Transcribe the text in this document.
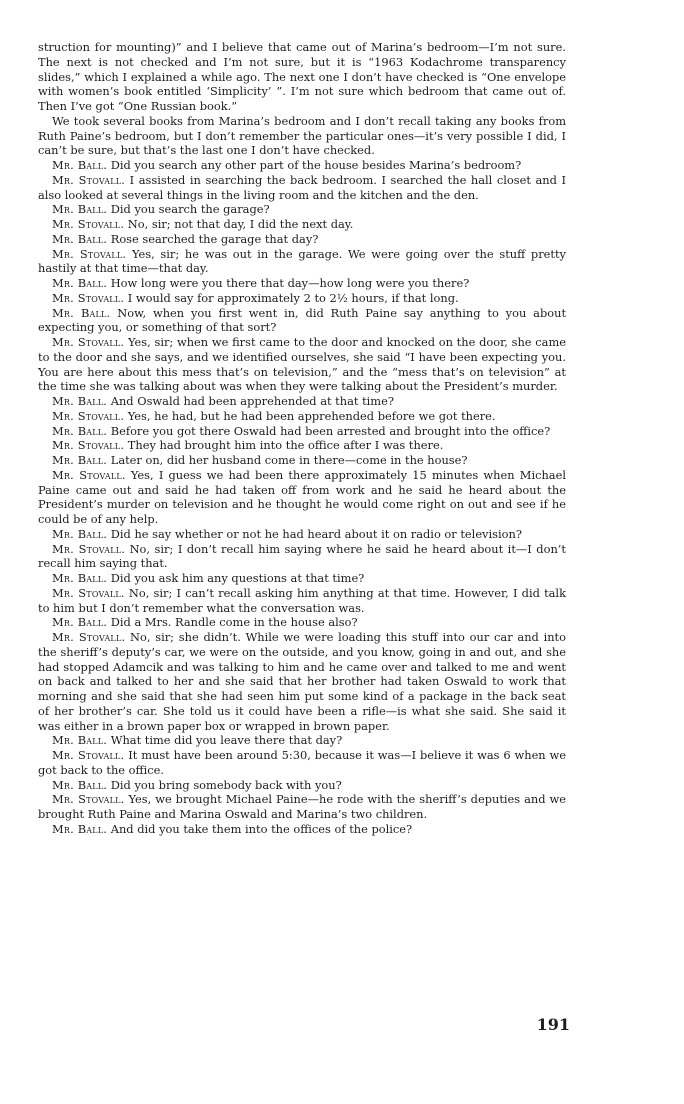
struction for mounting)” and I believe that came out of Marina’s bedroom—I’m not sure. The next is not checked and I’m not sure, but it is “1963 Kodachrome transparency slides,” which I explained a while ago. The next one I don’t have checked is “One envelope with women’s book entitled ‘Simplicity’ ”. I’m not sure which bedroom that came out of. Then I’ve got “One Russian book.”

We took several books from Marina’s bedroom and I don’t recall taking any books from Ruth Paine’s bedroom, but I don’t remember the particular ones—it’s very possible I did, I can’t be sure, but that’s the last one I don’t have checked.

Mr. Ball. Did you search any other part of the house besides Marina’s bedroom?

Mr. Stovall. I assisted in searching the back bedroom. I searched the hall closet and I also looked at several things in the living room and the kitchen and the den.

Mr. Ball. Did you search the garage?

Mr. Stovall. No, sir; not that day, I did the next day.

Mr. Ball. Rose searched the garage that day?

Mr. Stovall. Yes, sir; he was out in the garage. We were going over the stuff pretty hastily at that time—that day.

Mr. Ball. How long were you there that day—how long were you there?

Mr. Stovall. I would say for approximately 2 to 2½ hours, if that long.

Mr. Ball. Now, when you first went in, did Ruth Paine say anything to you about expecting you, or something of that sort?

Mr. Stovall. Yes, sir; when we first came to the door and knocked on the door, she came to the door and she says, and we identified ourselves, she said “I have been expecting you. You are here about this mess that’s on television,” and the “mess that’s on television” at the time she was talking about was when they were talking about the President’s murder.

Mr. Ball. And Oswald had been apprehended at that time?

Mr. Stovall. Yes, he had, but he had been apprehended before we got there.

Mr. Ball. Before you got there Oswald had been arrested and brought into the office?

Mr. Stovall. They had brought him into the office after I was there.

Mr. Ball. Later on, did her husband come in there—come in the house?

Mr. Stovall. Yes, I guess we had been there approximately 15 minutes when Michael Paine came out and said he had taken off from work and he said he heard about the President’s murder on television and he thought he would come right on out and see if he could be of any help.

Mr. Ball. Did he say whether or not he had heard about it on radio or television?

Mr. Stovall. No, sir; I don’t recall him saying where he said he heard about it—I don’t recall him saying that.

Mr. Ball. Did you ask him any questions at that time?

Mr. Stovall. No, sir; I can’t recall asking him anything at that time. However, I did talk to him but I don’t remember what the conversation was.

Mr. Ball. Did a Mrs. Randle come in the house also?

Mr. Stovall. No, sir; she didn’t. While we were loading this stuff into our car and into the sheriff’s deputy’s car, we were on the outside, and you know, going in and out, and she had stopped Adamcik and was talking to him and he came over and talked to me and went on back and talked to her and she said that her brother had taken Oswald to work that morning and she said that she had seen him put some kind of a package in the back seat of her brother’s car. She told us it could have been a rifle—is what she said. She said it was either in a brown paper box or wrapped in brown paper.

Mr. Ball. What time did you leave there that day?

Mr. Stovall. It must have been around 5:30, because it was—I believe it was 6 when we got back to the office.

Mr. Ball. Did you bring somebody back with you?

Mr. Stovall. Yes, we brought Michael Paine—he rode with the sheriff’s deputies and we brought Ruth Paine and Marina Oswald and Marina’s two children.

Mr. Ball. And did you take them into the offices of the police?

191
